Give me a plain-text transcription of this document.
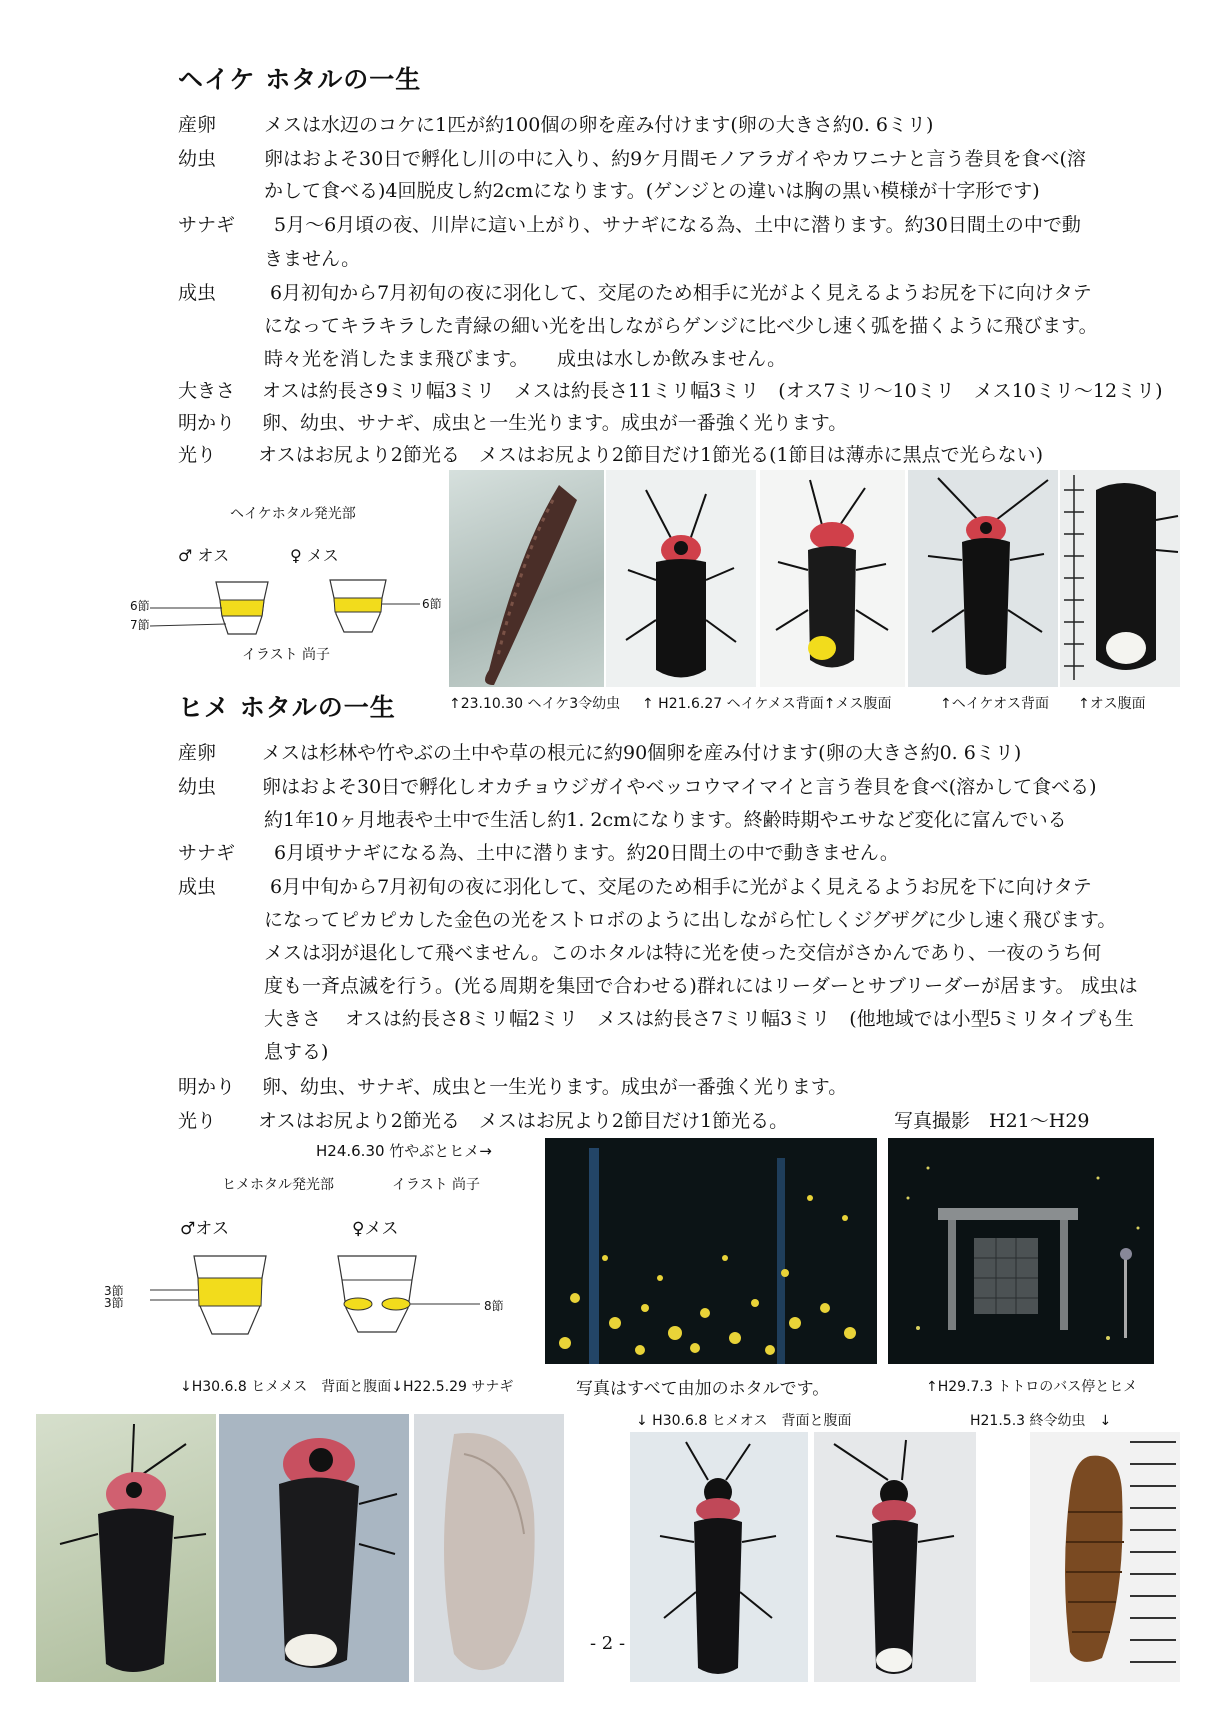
ヘイケ ホタルの一生
産卵	メスは水辺のコケに1匹が約100個の卵を産み付けます(卵の大きさ約0. 6ミリ)
幼虫	卵はおよそ30日で孵化し川の中に入り、約9ケ月間モノアラガイやカワニナと言う巻貝を食べ(溶
かして食べる)4回脱皮し約2cmになります。(ゲンジとの違いは胸の黒い模様が十字形です)
サナギ	5月～6月頃の夜、川岸に這い上がり、サナギになる為、土中に潜ります。約30日間土の中で動
きません。
成虫	6月初旬から7月初旬の夜に羽化して、交尾のため相手に光がよく見えるようお尻を下に向けタテ
になってキラキラした青緑の細い光を出しながらゲンジに比べ少し速く弧を描くように飛びます。
時々光を消したまま飛びます。　　成虫は水しか飲みません。
大きさ	オスは約長さ9ミリ幅3ミリ　メスは約長さ11ミリ幅3ミリ　(オス7ミリ～10ミリ　メス10ミリ～12ミリ)
明かり	卵、幼虫、サナギ、成虫と一生光ります。成虫が一番強く光ります。
光り	オスはお尻より2節光る　メスはお尻より2節目だけ1節光る(1節目は薄赤に黒点で光らない)
ヘイケホタル発光部
♂ オス	♀ メス
6節
7節
6節
イラスト 尚子
↑23.10.30 ヘイケ3令幼虫 ↑ H21.6.27 ヘイケメス背面↑メス腹面	↑ヘイケオス背面 ↑オス腹面
ヒメ ホタルの一生
産卵	メスは杉林や竹やぶの土中や草の根元に約90個卵を産み付けます(卵の大きさ約0. 6ミリ)
幼虫	卵はおよそ30日で孵化しオカチョウジガイやベッコウマイマイと言う巻貝を食べ(溶かして食べる)
約1年10ヶ月地表や土中で生活し約1. 2cmになります。終齢時期やエサなど変化に富んでいる
サナギ	6月頃サナギになる為、土中に潜ります。約20日間土の中で動きません。
成虫	6月中旬から7月初旬の夜に羽化して、交尾のため相手に光がよく見えるようお尻を下に向けタテ
になってピカピカした金色の光をストロボのように出しながら忙しくジグザグに少し速く飛びます。
メスは羽が退化して飛べません。このホタルは特に光を使った交信がさかんであり、一夜のうち何
度も一斉点滅を行う。(光る周期を集団で合わせる)群れにはリーダーとサブリーダーが居ます。 成虫は
大きさ オスは約長さ8ミリ幅2ミリ　メスは約長さ7ミリ幅3ミリ　(他地域では小型5ミリタイプも生
息する)
明かり	卵、幼虫、サナギ、成虫と一生光ります。成虫が一番強く光ります。
光り	オスはお尻より2節光る　メスはお尻より2節目だけ1節光る。	写真撮影　H21～H29
H24.6.30 竹やぶとヒメ→
ヒメホタル発光部	イラスト 尚子
♂オス	♀メス
3節
3節	8節
↓H30.6.8 ヒメメス　背面と腹面↓H22.5.29 サナギ	写真はすべて由加のホタルです。	↑H29.7.3 トトロのバス停とヒメ
↓ H30.6.8 ヒメオス　背面と腹面	H21.5.3 終令幼虫　↓
- 2 -
